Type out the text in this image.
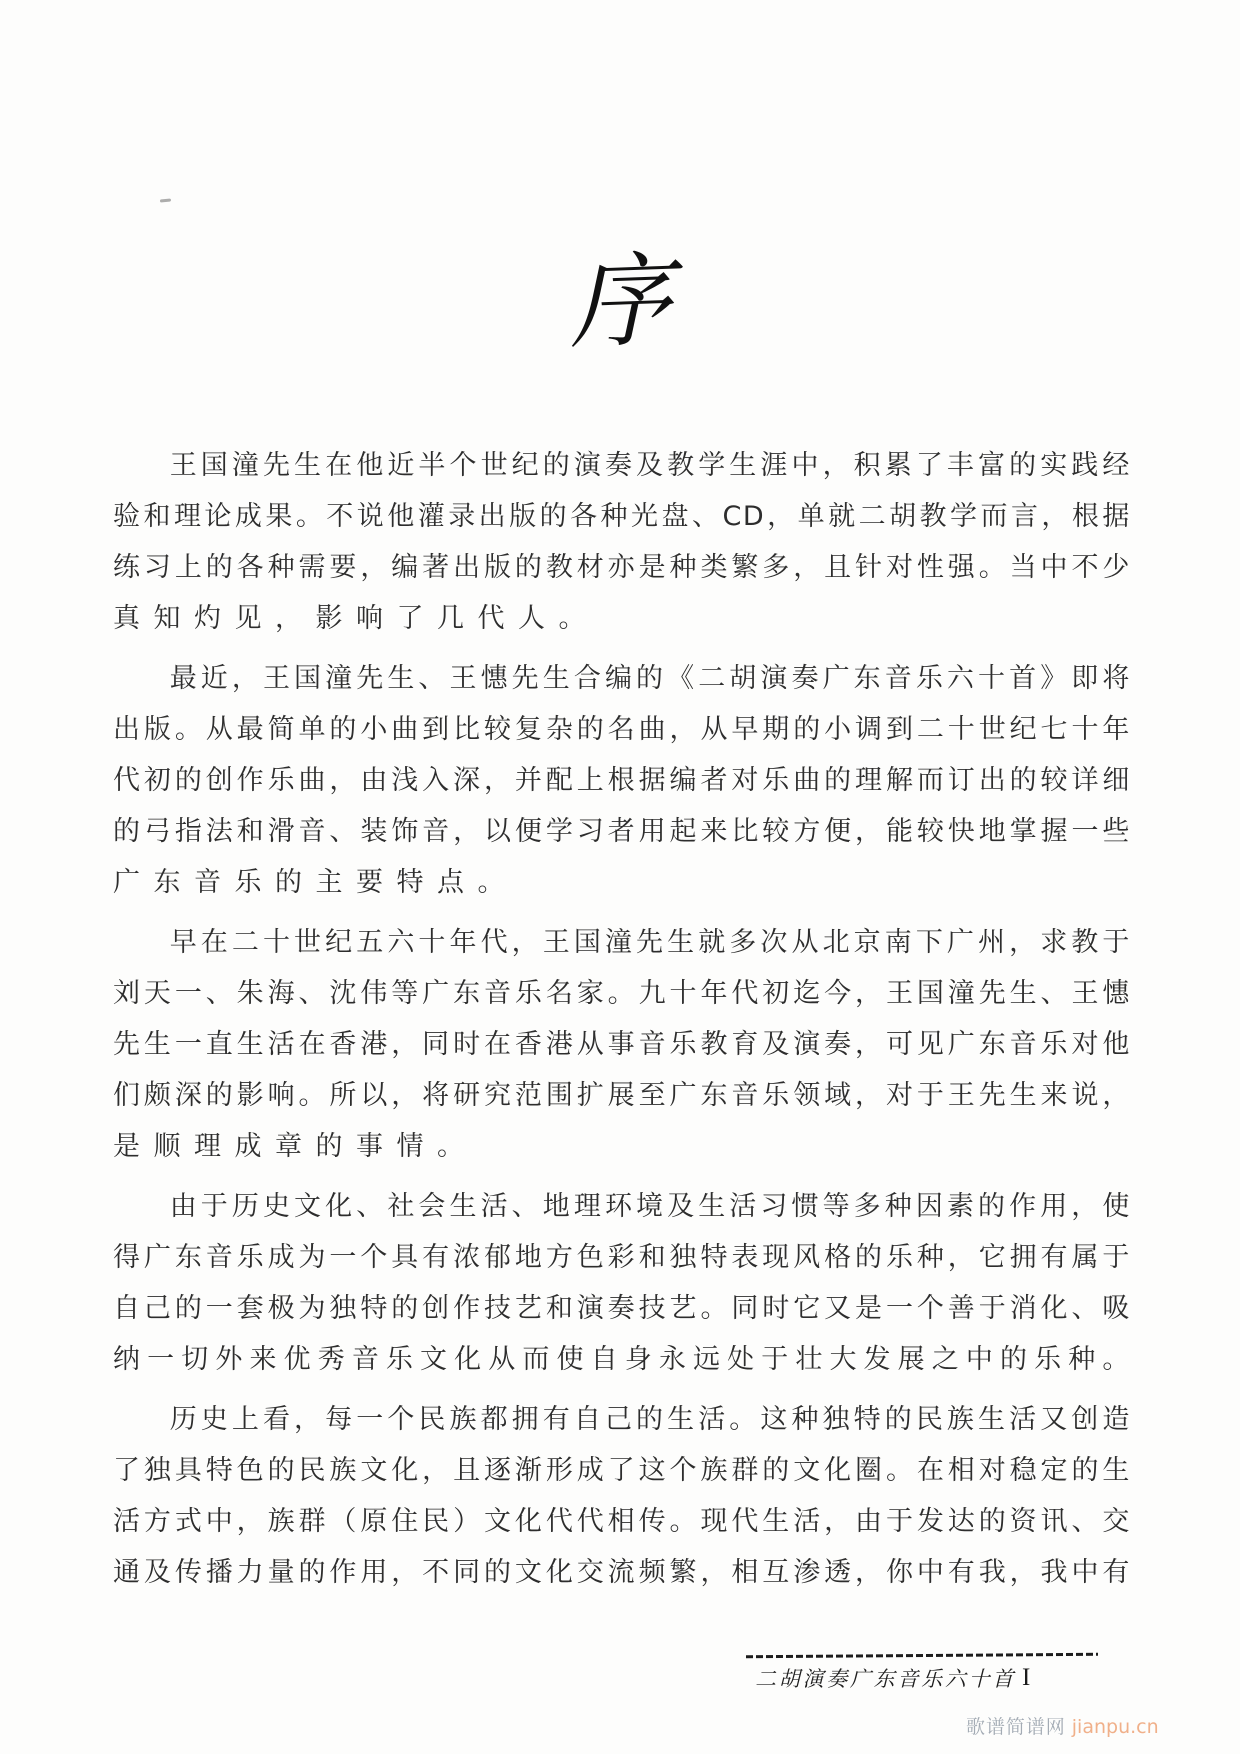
序
王国潼先生在他近半个世纪的演奏及教学生涯中，积累了丰富的实践经
验和理论成果。不说他灌录出版的各种光盘、CD，单就二胡教学而言，根据
练习上的各种需要，编著出版的教材亦是种类繁多，且针对性强。当中不少
真知灼见，影响了几代人。
最近，王国潼先生、王憓先生合编的《二胡演奏广东音乐六十首》即将
出版。从最简单的小曲到比较复杂的名曲，从早期的小调到二十世纪七十年
代初的创作乐曲，由浅入深，并配上根据编者对乐曲的理解而订出的较详细
的弓指法和滑音、装饰音，以便学习者用起来比较方便，能较快地掌握一些
广东音乐的主要特点。
早在二十世纪五六十年代，王国潼先生就多次从北京南下广州，求教于
刘天一、朱海、沈伟等广东音乐名家。九十年代初迄今，王国潼先生、王憓
先生一直生活在香港，同时在香港从事音乐教育及演奏，可见广东音乐对他
们颇深的影响。所以，将研究范围扩展至广东音乐领域，对于王先生来说，
是顺理成章的事情。
由于历史文化、社会生活、地理环境及生活习惯等多种因素的作用，使
得广东音乐成为一个具有浓郁地方色彩和独特表现风格的乐种，它拥有属于
自己的一套极为独特的创作技艺和演奏技艺。同时它又是一个善于消化、吸
纳一切外来优秀音乐文化从而使自身永远处于壮大发展之中的乐种。
历史上看，每一个民族都拥有自己的生活。这种独特的民族生活又创造
了独具特色的民族文化，且逐渐形成了这个族群的文化圈。在相对稳定的生
活方式中，族群（原住民）文化代代相传。现代生活，由于发达的资讯、交
通及传播力量的作用，不同的文化交流频繁，相互渗透，你中有我，我中有
二胡演奏广东音乐六十首 I
歌谱简谱网 jianpu.cn
